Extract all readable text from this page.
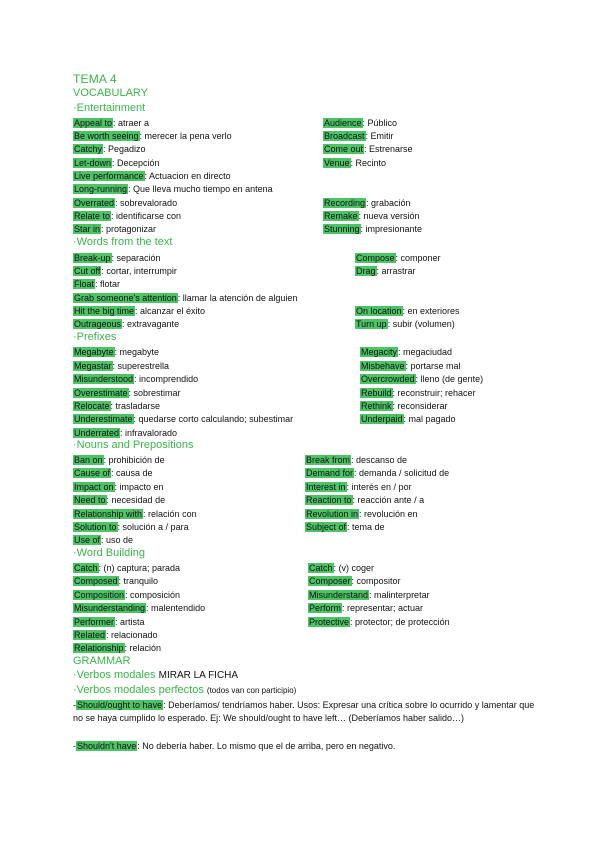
TEMA 4
VOCABULARY
·Entertainment
·Words from the text
·Prefixes
·Nouns and Prepositions
·Word Building
GRAMMAR
·Verbos modales MIRAR LA FICHA
·Verbos modales perfectos (todos van con participio)
Appeal to: atraer a
Be worth seeing: merecer la pena verlo
Catchy: Pegadizo
Let-down: Decepción
Live performance: Actuacion en directo
Long-running: Que lleva mucho tiempo en antena
Overrated: sobrevalorado
Relate to: identificarse con
Star in: protagonizar
Audience: Público
Broadcast: Emitir
Come out: Estrenarse
Venue: Recinto
Recording: grabación
Remake: nueva versión
Stunning: impresionante
Break-up: separación
Cut off: cortar, interrumpir
Float: flotar
Grab someone's attention: llamar la atención de alguien
Hit the big time: alcanzar el éxito
Outrageous: extravagante
Compose: componer
Drag: arrastrar
On location: en exteriores
Turn up: subir (volumen)
Megabyte: megabyte
Megastar: superestrella
Misunderstood: incomprendido
Overestimate: sobrestimar
Relocate: trasladarse
Underestimate: quedarse corto calculando; subestimar
Underrated: infravalorado
Megacity: megaciudad
Misbehave: portarse mal
Overcrowded: lleno (de gente)
Rebuild: reconstruir; rehacer
Rethink: reconsiderar
Underpaid: mal pagado
Ban on: prohibición de
Cause of: causa de
Impact on: impacto en
Need to: necesidad de
Relationship with: relación con
Solution to: solución a / para
Use of: uso de
Break from: descanso de
Demand for: demanda / solicitud de
Interest in: interés en / por
Reaction to: reacción ante / a
Revolution in: revolución en
Subject of: tema de
Catch: (n) captura; parada
Composed: tranquilo
Composition: composición
Misunderstanding: malentendido
Performer: artista
Related: relacionado
Relationship: relación
Catch: (v) coger
Composer: compositor
Misunderstand: malinterpretar
Perform: representar; actuar
Protective: protector; de protección
-Should/ought to have: Deberíamos/ tendríamos haber. Usos: Expresar una crítica sobre lo ocurrido y lamentar que no se haya cumplido lo esperado. Ej: We should/ought to have left… (Deberíamos haber salido…)
-Shouldn't have: No debería haber. Lo mismo que el de arriba, pero en negativo.
